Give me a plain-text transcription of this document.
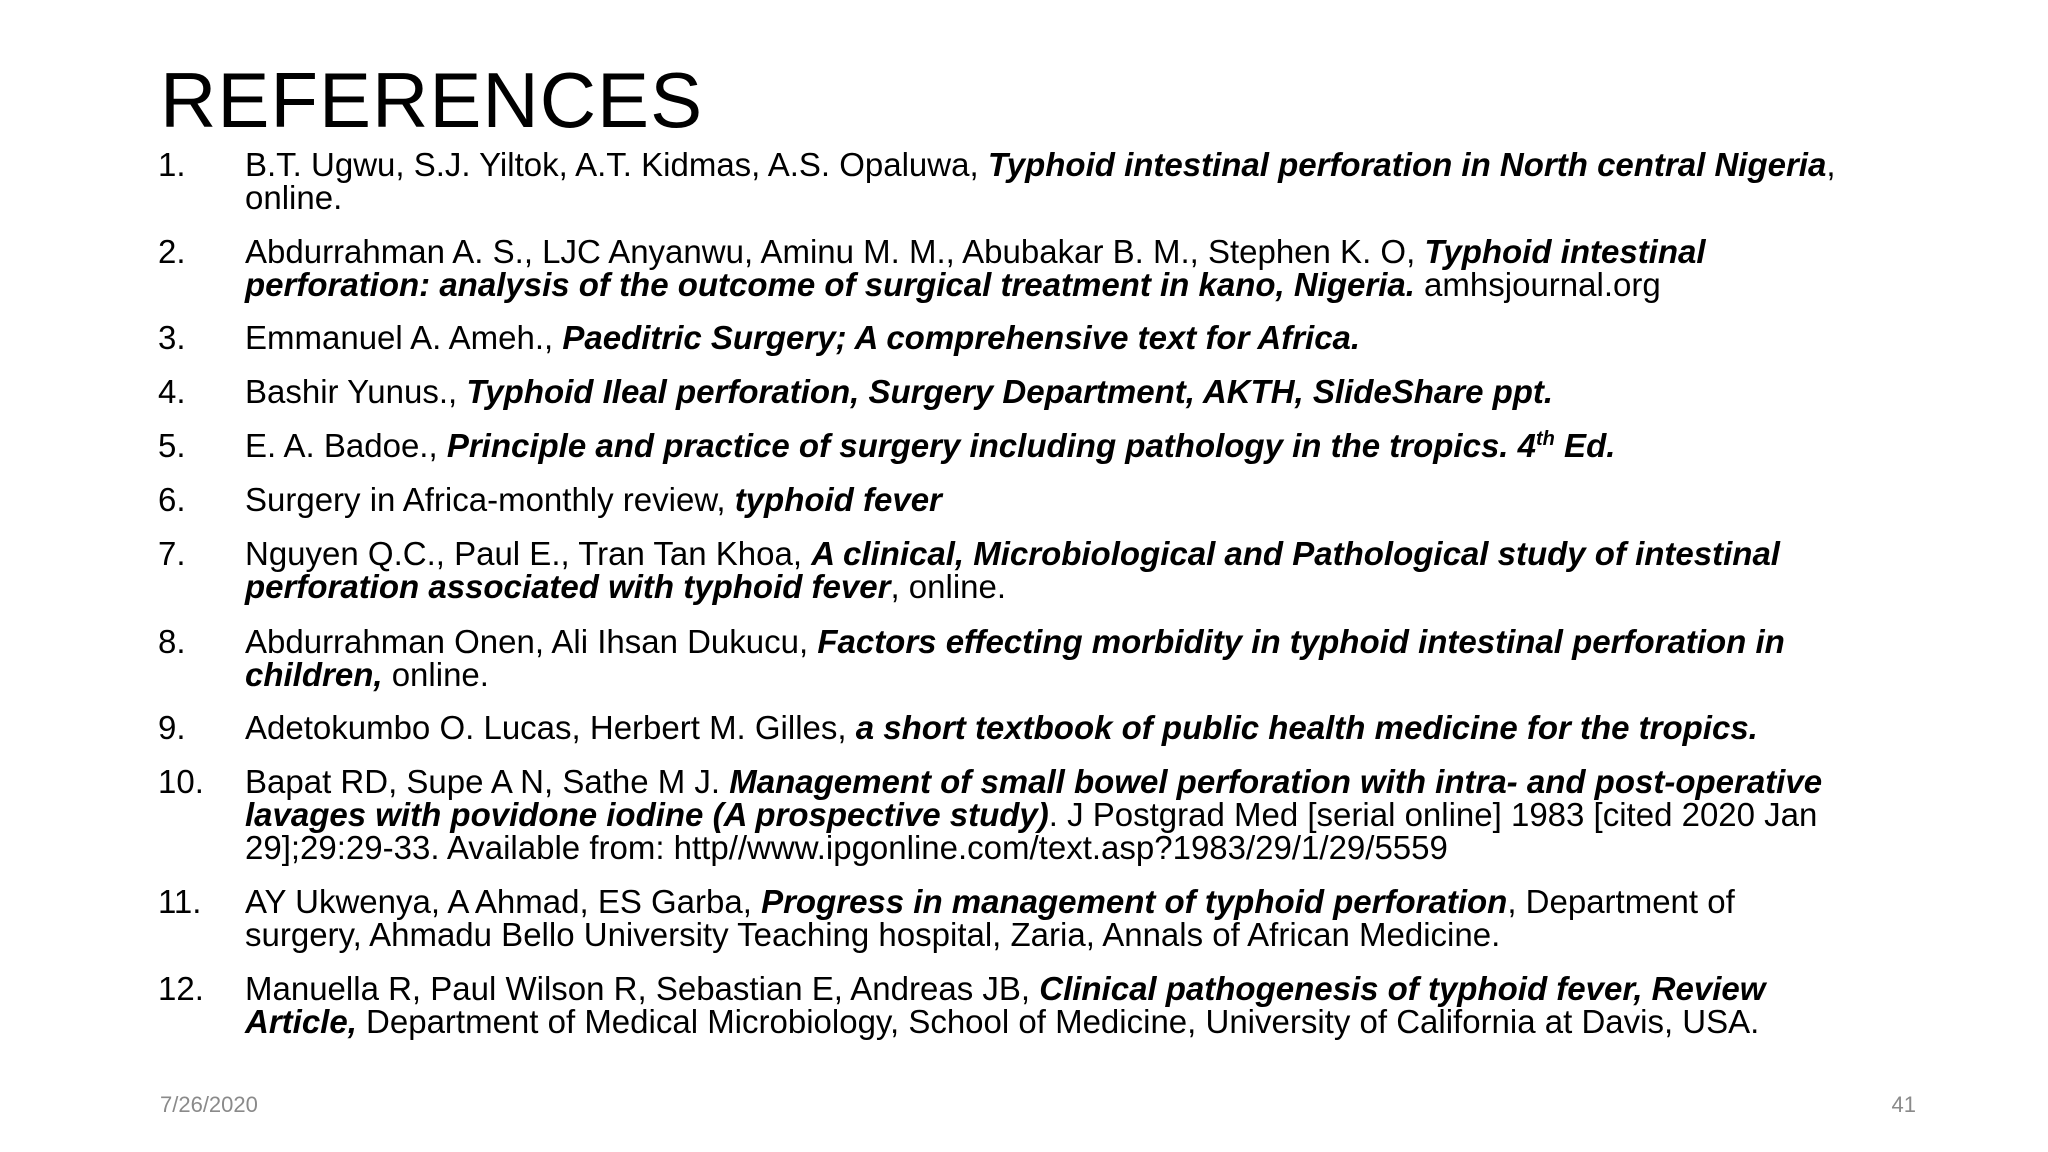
REFERENCES
1. B.T. Ugwu, S.J. Yiltok, A.T. Kidmas, A.S. Opaluwa, Typhoid intestinal perforation in North central Nigeria,
online.
2. Abdurrahman A. S., LJC Anyanwu, Aminu M. M., Abubakar B. M., Stephen K. O, Typhoid intestinal
perforation: analysis of the outcome of surgical treatment in kano, Nigeria. amhsjournal.org
3. Emmanuel A. Ameh., Paeditric Surgery; A comprehensive text for Africa.
4. Bashir Yunus., Typhoid Ileal perforation, Surgery Department, AKTH, SlideShare ppt.
5. E. A. Badoe., Principle and practice of surgery including pathology in the tropics. 4th Ed.
6. Surgery in Africa-monthly review, typhoid fever
7. Nguyen Q.C., Paul E., Tran Tan Khoa, A clinical, Microbiological and Pathological study of intestinal
perforation associated with typhoid fever, online.
8. Abdurrahman Onen, Ali Ihsan Dukucu, Factors effecting morbidity in typhoid intestinal perforation in
children, online.
9. Adetokumbo O. Lucas, Herbert M. Gilles, a short textbook of public health medicine for the tropics.
10. Bapat RD, Supe A N, Sathe M J. Management of small bowel perforation with intra- and post-operative
lavages with povidone iodine (A prospective study). J Postgrad Med [serial online] 1983 [cited 2020 Jan
29];29:29-33. Available from: http//www.ipgonline.com/text.asp?1983/29/1/29/5559
11. AY Ukwenya, A Ahmad, ES Garba, Progress in management of typhoid perforation, Department of
surgery, Ahmadu Bello University Teaching hospital, Zaria, Annals of African Medicine.
12. Manuella R, Paul Wilson R, Sebastian E, Andreas JB, Clinical pathogenesis of typhoid fever, Review
Article, Department of Medical Microbiology, School of Medicine, University of California at Davis, USA.
7/26/2020	41
